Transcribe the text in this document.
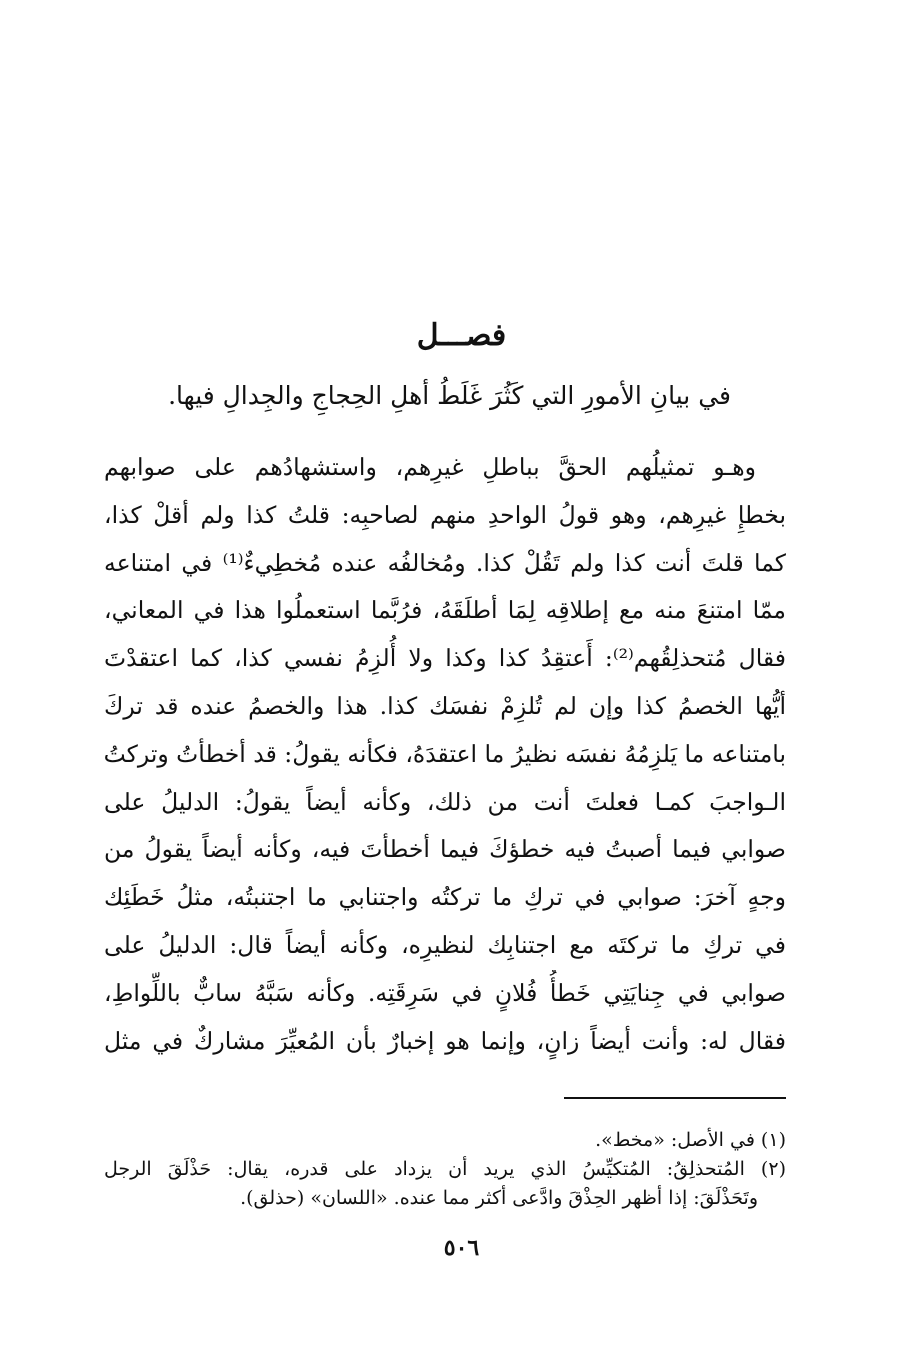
فصـــل
في بيانِ الأمورِ التي كَثُرَ غَلَطُ أهلِ الحِجاجِ والجِدالِ فيها.
وهـو تمثيلُهم الحقَّ بباطلِ غيرِهم، واستشهادُهم على صوابهم
بخطإِ غيرِهم، وهو قولُ الواحدِ منهم لصاحبِه: قلتُ كذا ولم أقلْ كذا،
كما قلتَ أنت كذا ولم تَقُلْ كذا. ومُخالفُه عنده مُخطِيءٌ⁽¹⁾ في امتناعه
ممّا امتنعَ منه مع إطلاقِه لِمَا أطلَقَهُ، فرُبَّما استعملُوا هذا في المعاني،
فقال مُتحذلِقُهم⁽²⁾: أَعتقِدُ كذا وكذا ولا أُلزِمُ نفسي كذا، كما اعتقدْتَ
أيُّها الخصمُ كذا وإن لم تُلزِمْ نفسَك كذا. هذا والخصمُ عنده قد تركَ
بامتناعه ما يَلزِمُهُ نفسَه نظيرُ ما اعتقدَهُ، فكأنه يقولُ: قد أخطأتُ وتركتُ
الـواجبَ كمـا فعلتَ أنت من ذلك، وكأنه أيضاً يقولُ: الدليلُ على
صوابي فيما أصبتُ فيه خطؤكَ فيما أخطأتَ فيه، وكأنه أيضاً يقولُ من
وجهٍ آخرَ: صوابي في تركِ ما تركتُه واجتنابي ما اجتنبتُه، مثلُ خَطَئِك
في تركِ ما تركتَه مع اجتنابِك لنظيرِه، وكأنه أيضاً قال: الدليلُ على
صوابي في جِنايَتِي خَطأُ فُلانٍ في سَرِقَتِه. وكأنه سَبَّهُ سابٌّ باللِّواطِ،
فقال له: وأنت أيضاً زانٍ، وإنما هو إخبارٌ بأن المُعيِّرَ مشاركٌ في مثل
(١) في الأصل: «مخط».
(٢) المُتحذلِقُ: المُتكيِّسُ الذي يريد أن يزداد على قدره، يقال: حَذْلَقَ الرجل
وتَحَذْلَقَ: إذا أظهر الحِذْقَ وادَّعى أكثر مما عنده. «اللسان» (حذلق).
٥٠٦
